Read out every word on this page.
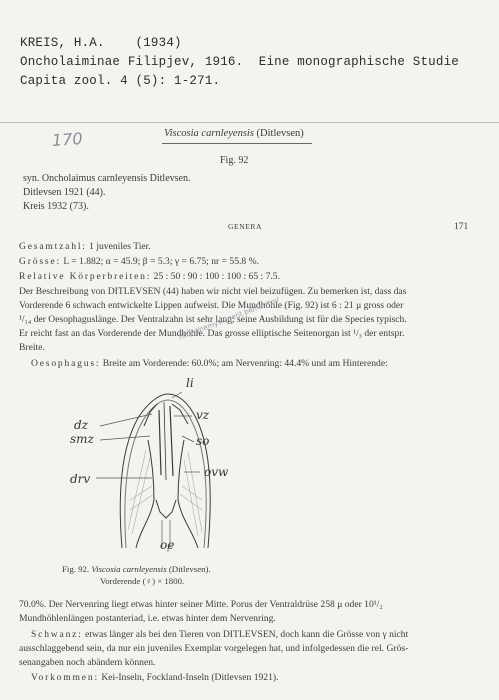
KREIS, H.A.    (1934)
Oncholaiminae Filipjev, 1916.  Eine monographische Studie
Capita zool. 4 (5): 1-271.
170	Viscosia carnleyensis (Ditlevsen)
Fig. 92
syn. Oncholaimus carnleyensis Ditlevsen.
Ditlevsen 1921 (44).
Kreis 1932 (73).
GENERA	171
Gesamtzahl: 1 juveniles Tier.
Grösse: L = 1.882; α = 45.9; β = 5.3; γ = 6.75; nr = 55.8 %.
Relative Körperbreiten: 25 : 50 : 90 : 100 : 100 : 65 : 7.5.
Der Beschreibung von DITLEVSEN (44) haben wir nicht viel beizufügen. Zu bemerken ist, dass das
Vorderende 6 schwach entwickelte Lippen aufweist. Die Mundhöhle (Fig. 92) ist 6 : 21 μ gross oder
¹/₁₄ der Oesophaguslänge. Der Ventralzahn ist sehr lang; seine Ausbildung ist für die Species typisch.
Er reicht fast an das Vorderende der Mundhöhle. Das grosse elliptische Seitenorgan ist ¹/₃ der entspr.
Breite.
Oesophagus: Breite am Vorderende: 60.0%; am Nervenring: 44.4% und am Hinterende:
http://nemys.ugent.be/nemys/
li
vz
dz
smz	so
drv	ovw
oe
Fig. 92. Viscosia carnleyensis (Ditlevsen).
Vorderende (♀) × 1800.
70.0%. Der Nervenring liegt etwas hinter seiner Mitte. Porus der Ventraldrüse 258 μ oder 10¹/₂
Mundhöhlenlängen postanteriad, i.e. etwas hinter dem Nervenring.
Schwanz: etwas länger als bei den Tieren von DITLEVSEN, doch kann die Grösse von γ nicht
ausschlaggebend sein, da nur ein juveniles Exemplar vorgelegen hat, und infolgedessen die rel. Grös-
senangaben noch abändern können.
Vorkommen: Kei-Inseln, Fockland-Inseln (Ditlevsen 1921).
